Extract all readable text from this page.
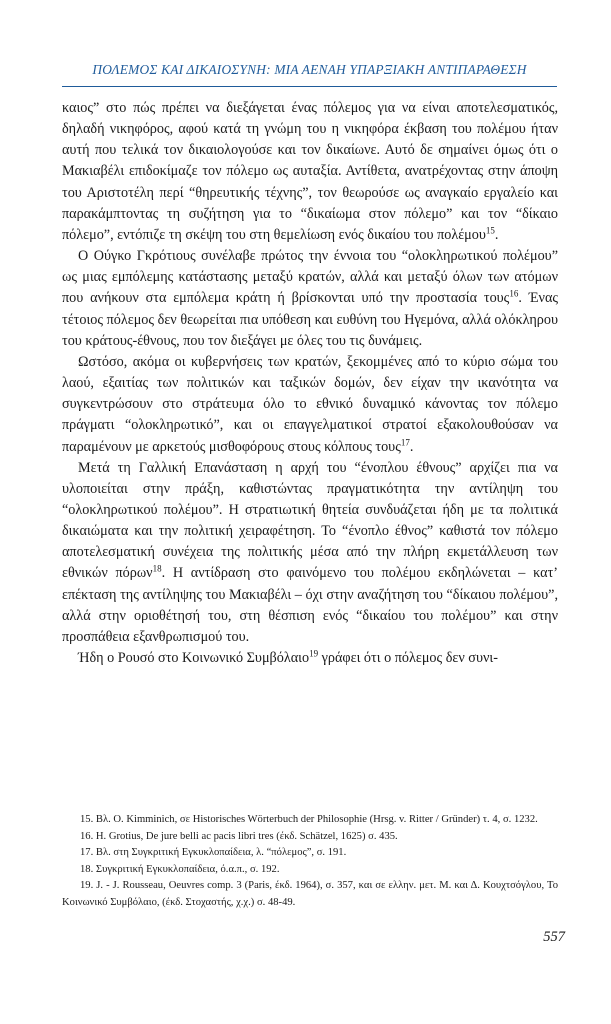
ΠΟΛΕΜΟΣ ΚΑΙ ΔΙΚΑΙΟΣΥΝΗ: ΜΙΑ ΑΕΝΑΗ ΥΠΑΡΞΙΑΚΗ ΑΝΤΙΠΑΡΑΘΕΣΗ

καιος” στο πώς πρέπει να διεξάγεται ένας πόλεμος για να είναι αποτελεσματικός, δηλαδή νικηφόρος, αφού κατά τη γνώμη του η νικηφόρα έκβαση του πολέμου ήταν αυτή που τελικά τον δικαιολογούσε και τον δικαίωνε. Αυτό δε σημαίνει όμως ότι ο Μακιαβέλι επιδοκίμαζε τον πόλεμο ως αυταξία. Αντίθετα, ανατρέχοντας στην άποψη του Αριστοτέλη περί “θηρευτικής τέχνης”, τον θεωρούσε ως αναγκαίο εργαλείο και παρακάμπτοντας τη συζήτηση για το “δικαίωμα στον πόλεμο” και τον “δίκαιο πόλεμο”, εντόπιζε τη σκέψη του στη θεμελίωση ενός δικαίου του πολέμου$^{15}$.

Ο Ούγκο Γκρότιους συνέλαβε πρώτος την έννοια του “ολοκληρωτικού πολέμου” ως μιας εμπόλεμης κατάστασης μεταξύ κρατών, αλλά και μεταξύ όλων των ατόμων που ανήκουν στα εμπόλεμα κράτη ή βρίσκονται υπό την προστασία τους$^{16}$. Ένας τέτοιος πόλεμος δεν θεωρείται πια υπόθεση και ευθύνη του Ηγεμόνα, αλλά ολόκληρου του κράτους-έθνους, που τον διεξάγει με όλες του τις δυνάμεις.

Ωστόσο, ακόμα οι κυβερνήσεις των κρατών, ξεκομμένες από το κύριο σώμα του λαού, εξαιτίας των πολιτικών και ταξικών δομών, δεν είχαν την ικανότητα να συγκεντρώσουν στο στράτευμα όλο το εθνικό δυναμικό κάνοντας τον πόλεμο πράγματι “ολοκληρωτικό”, και οι επαγγελματικοί στρατοί εξακολουθούσαν να παραμένουν με αρκετούς μισθοφόρους στους κόλπους τους$^{17}$.

Μετά τη Γαλλική Επανάσταση η αρχή του “ένοπλου έθνους” αρχίζει πια να υλοποιείται στην πράξη, καθιστώντας πραγματικότητα την αντίληψη του “ολοκληρωτικού πολέμου”. Η στρατιωτική θητεία συνδυάζεται ήδη με τα πολιτικά δικαιώματα και την πολιτική χειραφέτηση. Το “ένοπλο έθνος” καθιστά τον πόλεμο αποτελεσματική συνέχεια της πολιτικής μέσα από την πλήρη εκμετάλλευση των εθνικών πόρων$^{18}$. Η αντίδραση στο φαινόμενο του πολέμου εκδηλώνεται – κατ’ επέκταση της αντίληψης του Μακιαβέλι – όχι στην αναζήτηση του “δίκαιου πολέμου”, αλλά στην οριοθέτησή του, στη θέσπιση ενός “δικαίου του πολέμου” και στην προσπάθεια εξανθρωπισμού του.

Ήδη ο Ρουσό στο Κοινωνικό Συμβόλαιο$^{19}$ γράφει ότι ο πόλεμος δεν συνι-

15. Βλ. O. Kimminich, σε Historisches Wörterbuch der Philosophie (Hrsg. v. Ritter / Gründer) τ. 4, σ. 1232.

16. H. Grotius, De jure belli ac pacis libri tres (έκδ. Schätzel, 1625) σ. 435.

17. Βλ. στη Συγκριτική Εγκυκλοπαίδεια, λ. “πόλεμος”, σ. 191.

18. Συγκριτική Εγκυκλοπαίδεια, ό.α.π., σ. 192.

19. J. - J. Rousseau, Oeuvres comp. 3 (Paris, έκδ. 1964), σ. 357, και σε ελλην. μετ. Μ. και Δ. Κουχτσόγλου, Το Κοινωνικό Συμβόλαιο, (έκδ. Στοχαστής, χ.χ.) σ. 48-49.

557
